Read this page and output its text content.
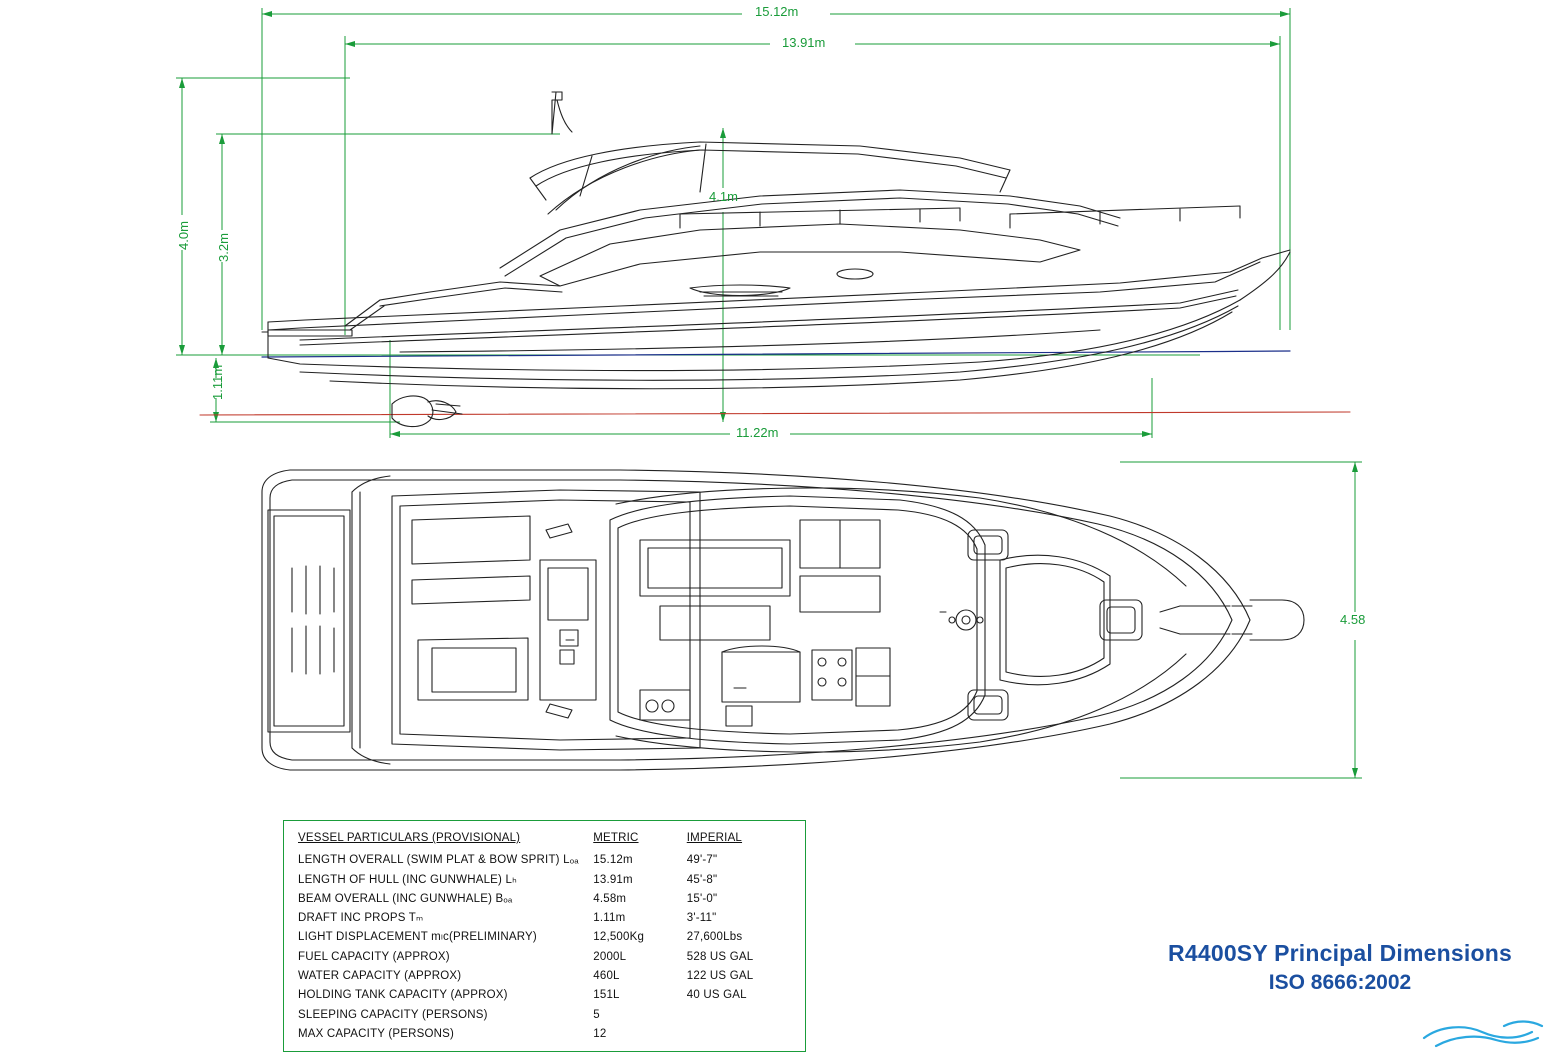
15.12m
13.91m
4.0m 3.2m
4.1m
1.11m
11.22m
4.58
VESSEL PARTICULARS (PROVISIONAL)	METRIC	IMPERIAL
LENGTH OVERALL (SWIM PLAT & BOW SPRIT) Lₒₐ	15.12m	49'‑7"
LENGTH OF HULL (INC GUNWHALE) Lₕ	13.91m	45'‑8"
BEAM OVERALL (INC GUNWHALE) Bₒₐ	4.58m	15'‑0"
DRAFT INC PROPS Tₘ	1.11m	3'‑11"
LIGHT DISPLACEMENT mₗᴄ(PRELIMINARY)	12,500Kg	27,600Lbs
FUEL CAPACITY (APPROX)	2000L	528 US GAL
WATER CAPACITY (APPROX)	460L	122 US GAL
HOLDING TANK CAPACITY (APPROX)	151L	40 US GAL
SLEEPING CAPACITY (PERSONS)	5
MAX CAPACITY (PERSONS)	12
R4400SY Principal Dimensions
ISO 8666:2002
